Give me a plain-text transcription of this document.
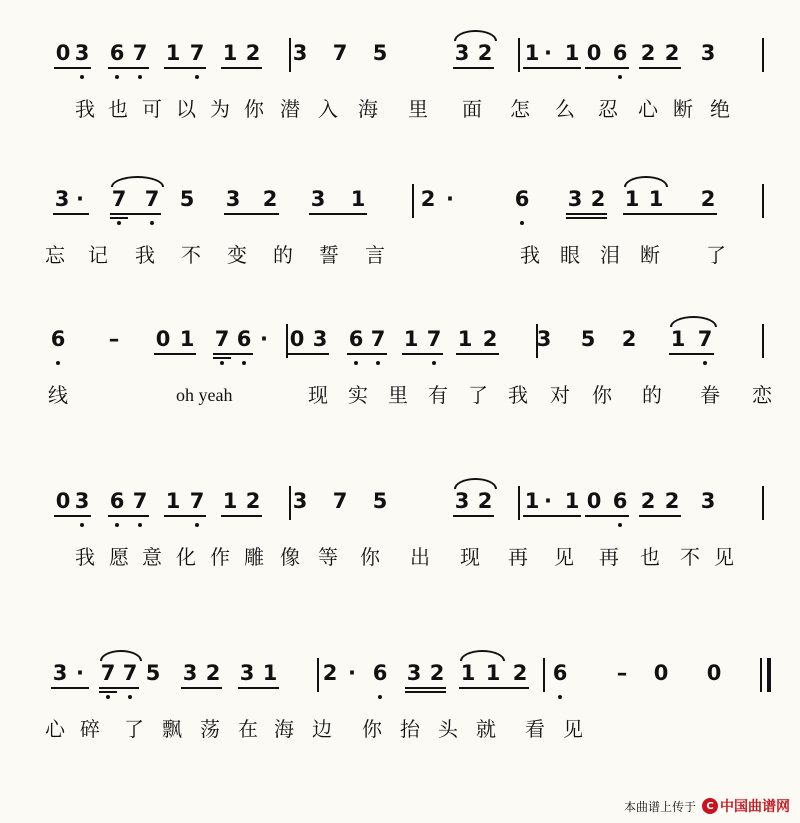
0 3 6 7 1 7 1 2 3 7 5	3 2 1 · 1 0 6 2 2 3
我 也 可 以 为 你 潜 入 海 里 面 怎 么 忍 心 断 绝
3 · 7 7 5 3 2 3 1	2 ·	6 3 2 1 1 2
忘 记 我 不 变 的 誓 言	我 眼 泪 断 了
6 – 0 1 7 6 · 0 3 6 7 1 7 1 2 3 5 2 1 7
线	oh yeah	现 实 里 有 了 我 对 你 的 眷 恋
0 3 6 7 1 7 1 2 3 7 5	3 2 1 · 1 0 6 2 2 3
我 愿 意 化 作 雕 像 等 你 出 现 再 见 再 也 不 见
3 · 7 7 5 3 2 3 1 2 · 6 3 2 1 1 2 6 – 0 0
心 碎 了 飘 荡 在 海 边 你 抬 头 就 看 见
本曲谱上传于	C 中国曲谱网
